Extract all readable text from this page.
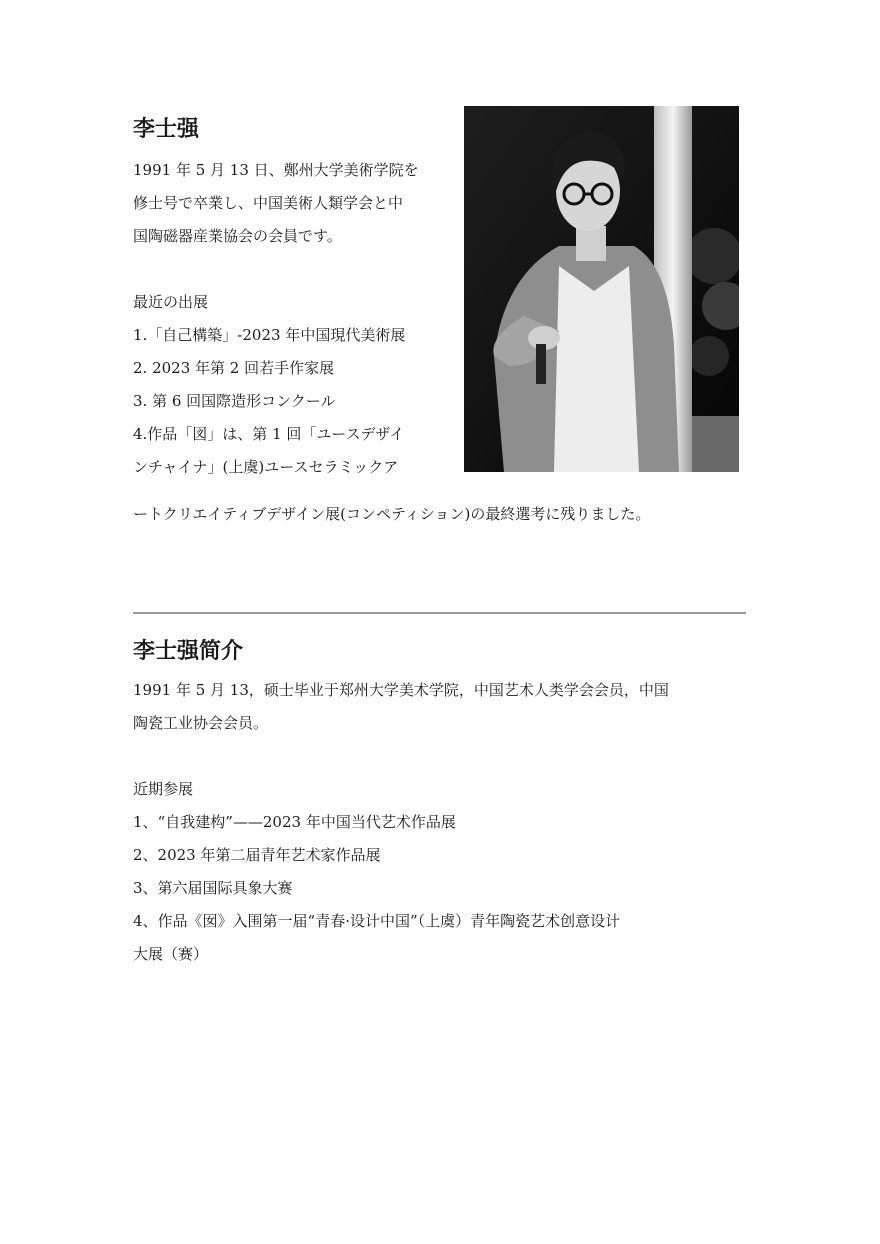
李士强

1991 年 5 月 13 日、鄭州大学美術学院を

修士号で卒業し、中国美術人類学会と中

国陶磁器産業協会の会員です。

最近の出展

1.「自己構築」-2023 年中国現代美術展

2. 2023 年第 2 回若手作家展

3. 第 6 回国際造形コンクール

4.作品「図」は、第 1 回「ユースデザイ

ンチャイナ」(上虞)ユースセラミックア

ートクリエイティブデザイン展(コンペティション)の最終選考に残りました。

李士强简介

1991 年 5 月 13，硕士毕业于郑州大学美术学院，中国艺术人类学会会员，中国

陶瓷工业协会会员。

近期参展

1、“自我建构”——2023 年中国当代艺术作品展

2、2023 年第二届青年艺术家作品展

3、第六届国际具象大赛

4、作品《囡》入围第一届“青春·设计中国”（上虞）青年陶瓷艺术创意设计

大展（赛）
